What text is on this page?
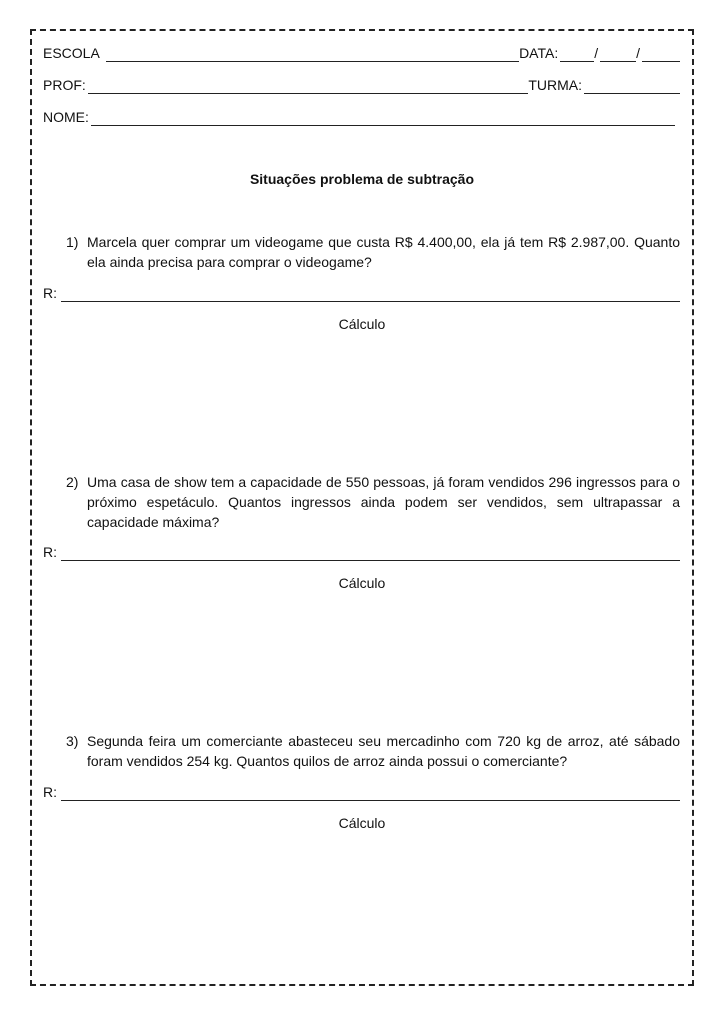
ESCOLA	DATA:	/	/
PROF:	TURMA:
NOME:
Situações problema de subtração
1) Marcela quer comprar um videogame que custa R$ 4.400,00, ela já tem R$ 2.987,00. Quanto ela ainda precisa para comprar o videogame?
R:
Cálculo
2) Uma casa de show tem a capacidade de 550 pessoas, já foram vendidos 296 ingressos para o próximo espetáculo. Quantos ingressos ainda podem ser vendidos, sem ultrapassar a capacidade máxima?
R:
Cálculo
3) Segunda feira um comerciante abasteceu seu mercadinho com 720 kg de arroz, até sábado foram vendidos 254 kg. Quantos quilos de arroz ainda possui o comerciante?
R:
Cálculo
